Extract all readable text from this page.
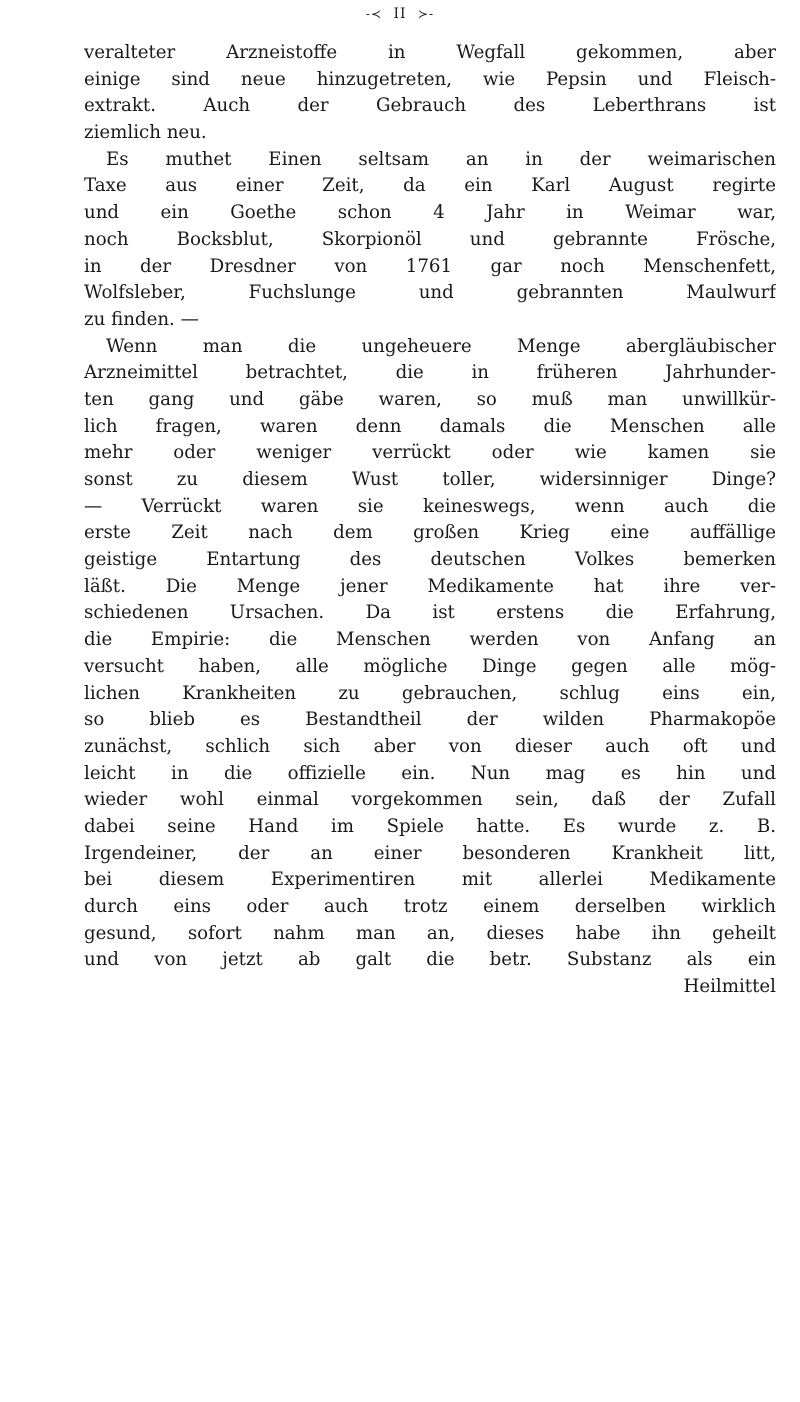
-≺ II ≻-
veralteter Arzneistoffe in Wegfall gekommen, aber
einige sind neue hinzugetreten, wie Pepsin und Fleisch-
extrakt. Auch der Gebrauch des Leberthrans ist
ziemlich neu.
Es muthet Einen seltsam an in der weimarischen
Taxe aus einer Zeit, da ein Karl August regirte
und ein Goethe schon 4 Jahr in Weimar war,
noch Bocksblut, Skorpionöl und gebrannte Frösche,
in der Dresdner von 1761 gar noch Menschenfett,
Wolfsleber, Fuchslunge und gebrannten Maulwurf
zu finden. —
Wenn man die ungeheuere Menge abergläubischer
Arzneimittel betrachtet, die in früheren Jahrhunder-
ten gang und gäbe waren, so muß man unwillkür-
lich fragen, waren denn damals die Menschen alle
mehr oder weniger verrückt oder wie kamen sie
sonst zu diesem Wust toller, widersinniger Dinge?
— Verrückt waren sie keineswegs, wenn auch die
erste Zeit nach dem großen Krieg eine auffällige
geistige Entartung des deutschen Volkes bemerken
läßt. Die Menge jener Medikamente hat ihre ver-
schiedenen Ursachen. Da ist erstens die Erfahrung,
die Empirie: die Menschen werden von Anfang an
versucht haben, alle mögliche Dinge gegen alle mög-
lichen Krankheiten zu gebrauchen, schlug eins ein,
so blieb es Bestandtheil der wilden Pharmakopöe
zunächst, schlich sich aber von dieser auch oft und
leicht in die offizielle ein. Nun mag es hin und
wieder wohl einmal vorgekommen sein, daß der Zufall
dabei seine Hand im Spiele hatte. Es wurde z. B.
Irgendeiner, der an einer besonderen Krankheit litt,
bei diesem Experimentiren mit allerlei Medikamente
durch eins oder auch trotz einem derselben wirklich
gesund, sofort nahm man an, dieses habe ihn geheilt
und von jetzt ab galt die betr. Substanz als ein
Heilmittel
